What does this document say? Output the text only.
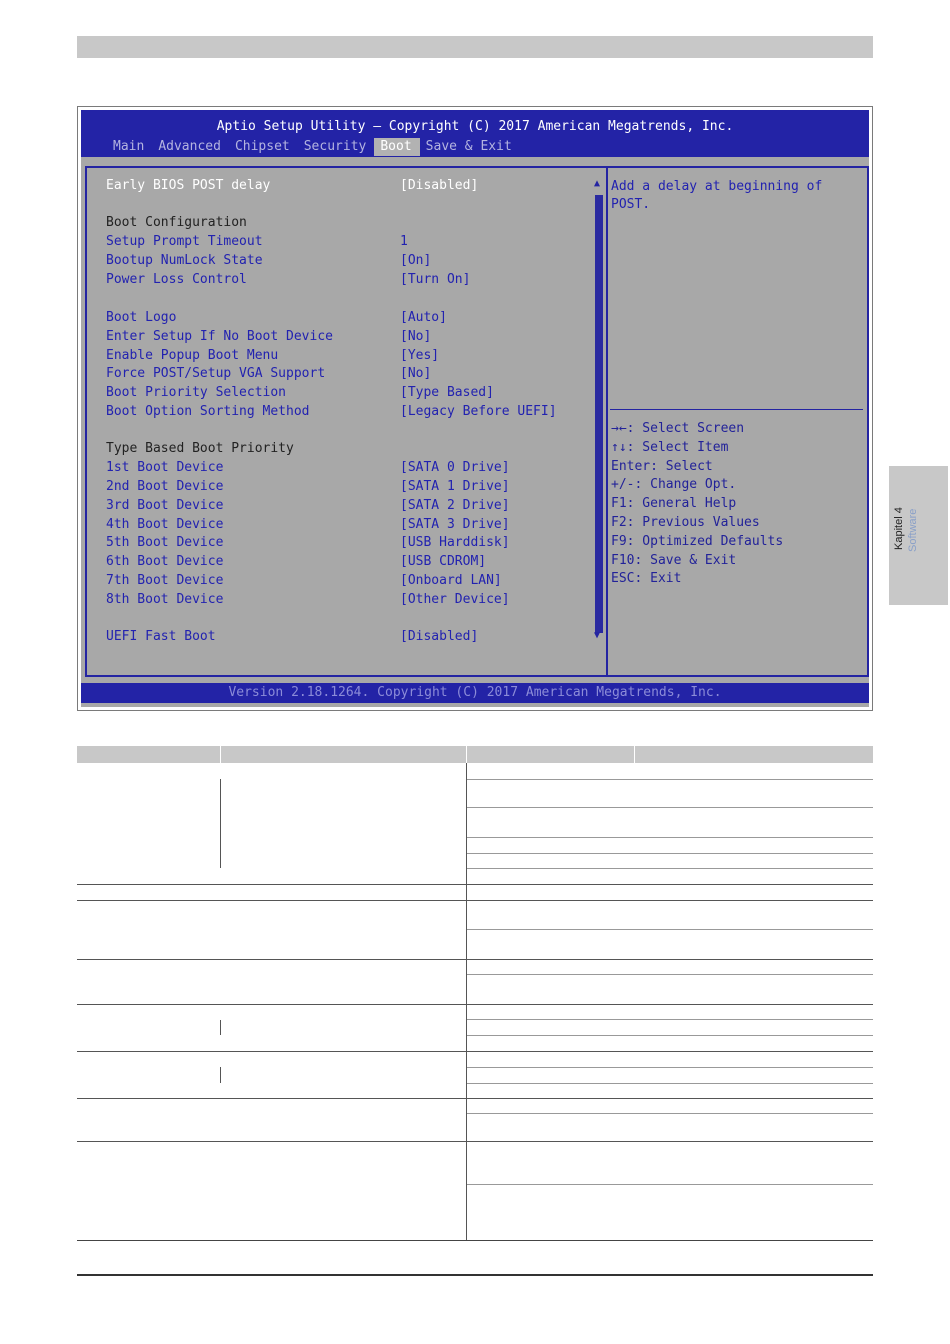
Aptio Setup Utility – Copyright (C) 2017 American Megatrends, Inc.
Main	Advanced	Chipset	Security	Boot	Save & Exit
▲
▼
Early BIOS POST delay	[Disabled]
Boot Configuration
Setup Prompt Timeout	1
Bootup NumLock State	[On]
Power Loss Control	[Turn On]
Boot Logo	[Auto]
Enter Setup If No Boot Device	[No]
Enable Popup Boot Menu	[Yes]
Force POST/Setup VGA Support	[No]
Boot Priority Selection	[Type Based]
Boot Option Sorting Method	[Legacy Before UEFI]
Type Based Boot Priority
1st Boot Device	[SATA 0 Drive]
2nd Boot Device	[SATA 1 Drive]
3rd Boot Device	[SATA 2 Drive]
4th Boot Device	[SATA 3 Drive]
5th Boot Device	[USB Harddisk]
6th Boot Device	[USB CDROM]
7th Boot Device	[Onboard LAN]
8th Boot Device	[Other Device]
UEFI Fast Boot	[Disabled]
Add a delay at beginning of
POST.
→←: Select Screen
↑↓: Select Item
Enter: Select
+/-: Change Opt.
F1: General Help
F2: Previous Values
F9: Optimized Defaults
F10: Save & Exit
ESC: Exit
Version 2.18.1264. Copyright (C) 2017 American Megatrends, Inc.
Kapitel 4 Software
